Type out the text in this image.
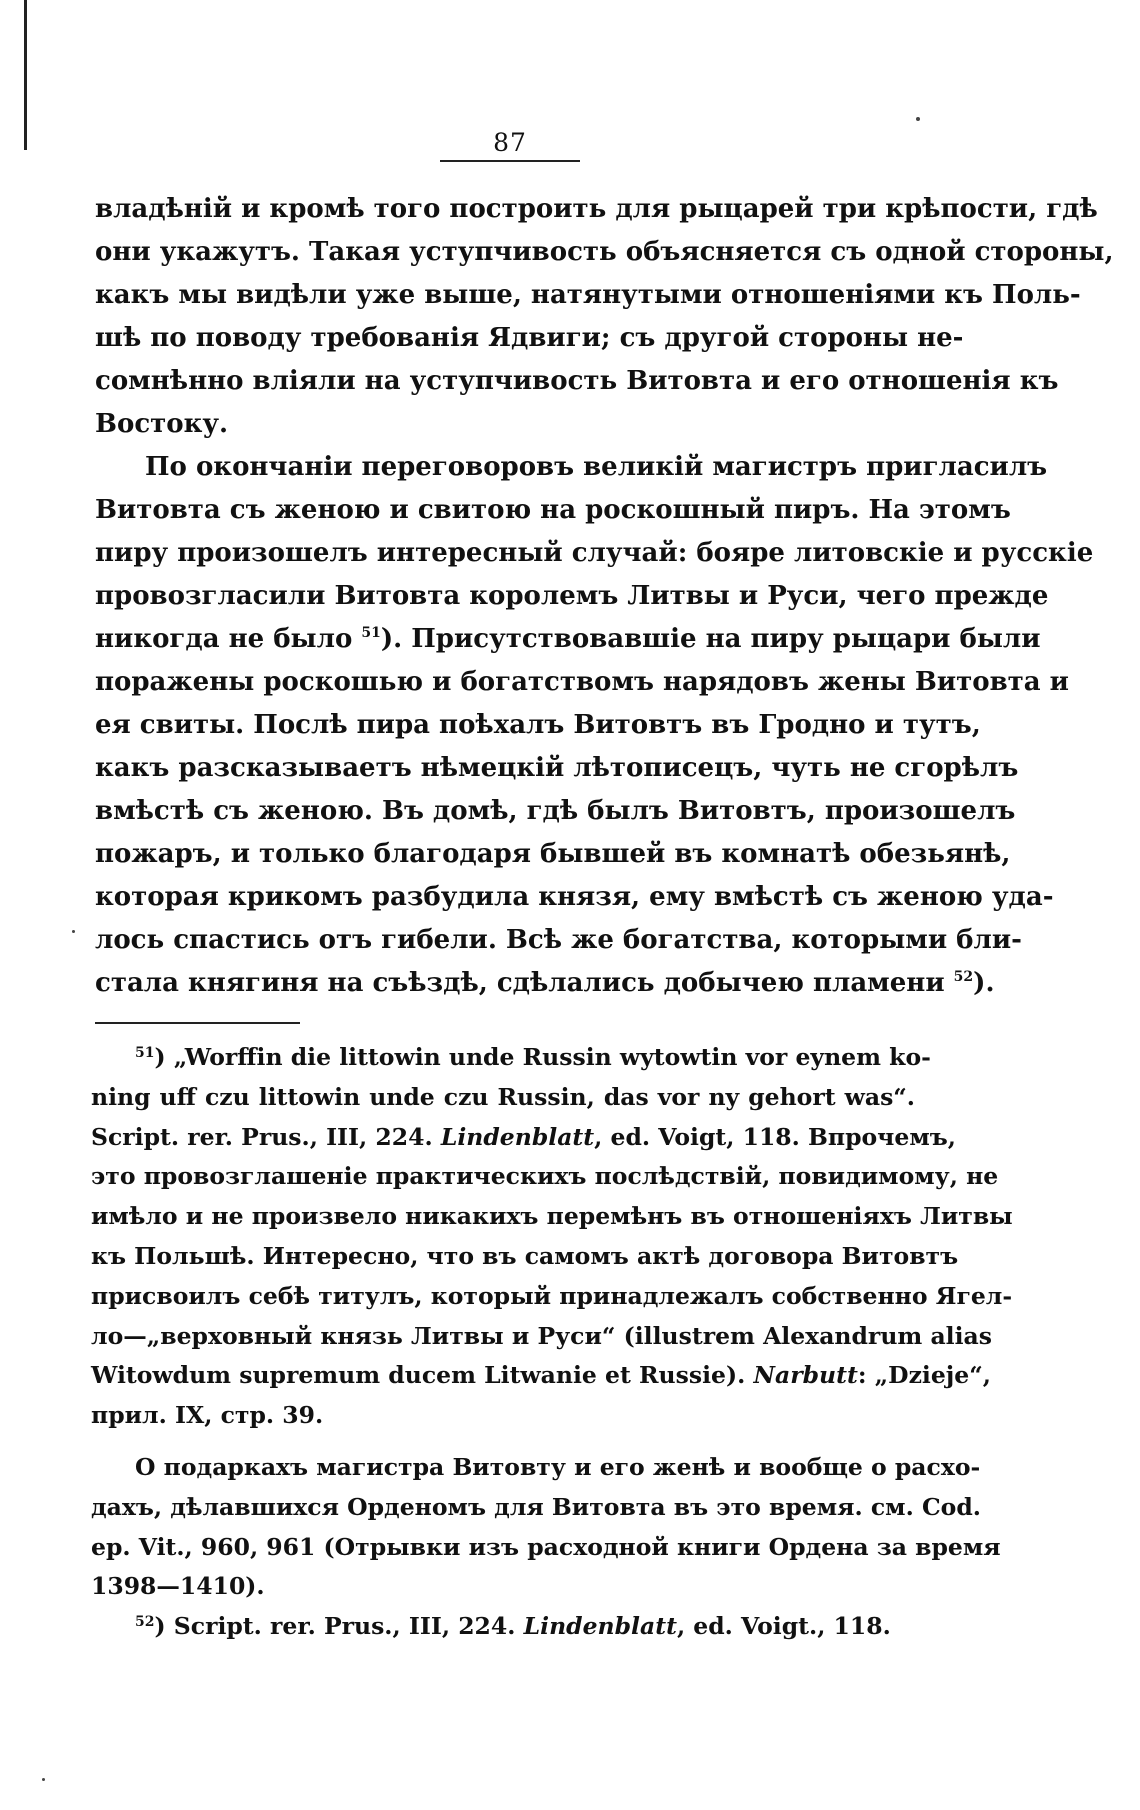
87
владѣній и кромѣ того построить для рыцарей три крѣпости, гдѣ
они укажутъ. Такая уступчивость объясняется съ одной стороны,
какъ мы видѣли уже выше, натянутыми отношеніями къ Поль-
шѣ по поводу требованія Ядвиги; съ другой стороны не-
сомнѣнно вліяли на уступчивость Витовта и его отношенія къ
Востоку.
По окончаніи переговоровъ великій магистръ пригласилъ
Витовта съ женою и свитою на роскошный пиръ. На этомъ
пиру произошелъ интересный случай: бояре литовскіе и русскіе
провозгласили Витовта королемъ Литвы и Руси, чего прежде
никогда не было $^{51}$). Присутствовавшіе на пиру рыцари были
поражены роскошью и богатствомъ нарядовъ жены Витовта и
ея свиты. Послѣ пира поѣхалъ Витовтъ въ Гродно и тутъ,
какъ разсказываетъ нѣмецкій лѣтописецъ, чуть не сгорѣлъ
вмѣстѣ съ женою. Въ домѣ, гдѣ былъ Витовтъ, произошелъ
пожаръ, и только благодаря бывшей въ комнатѣ обезьянѣ,
которая крикомъ разбудила князя, ему вмѣстѣ съ женою уда-
лось спастись отъ гибели. Всѣ же богатства, которыми бли-
стала княгиня на съѣздѣ, сдѣлались добычею пламени $^{52}$).
$^{51}$) „Worffin die littowin unde Russin wytowtin vor eynem ko-
ning uff czu littowin unde czu Russin, das vor ny gehort was“.
Script. rer. Prus., III, 224. Lindenblatt, ed. Voigt, 118. Впрочемъ,
это провозглашеніе практическихъ послѣдствій, повидимому, не
имѣло и не произвело никакихъ перемѣнъ въ отношеніяхъ Литвы
къ Польшѣ. Интересно, что въ самомъ актѣ договора Витовтъ
присвоилъ себѣ титулъ, который принадлежалъ собственно Ягел-
ло—„верховный князь Литвы и Руси“ (illustrem Alexandrum alias
Witowdum supremum ducem Litwanie et Russie). Narbutt: „Dzieje“,
прил. IX, стр. 39.
О подаркахъ магистра Витовту и его женѣ и вообще о расхо-
дахъ, дѣлавшихся Орденомъ для Витовта въ это время. см. Cod.
ep. Vit., 960, 961 (Отрывки изъ расходной книги Ордена за время
1398—1410).
$^{52}$) Script. rer. Prus., III, 224. Lindenblatt, ed. Voigt., 118.
